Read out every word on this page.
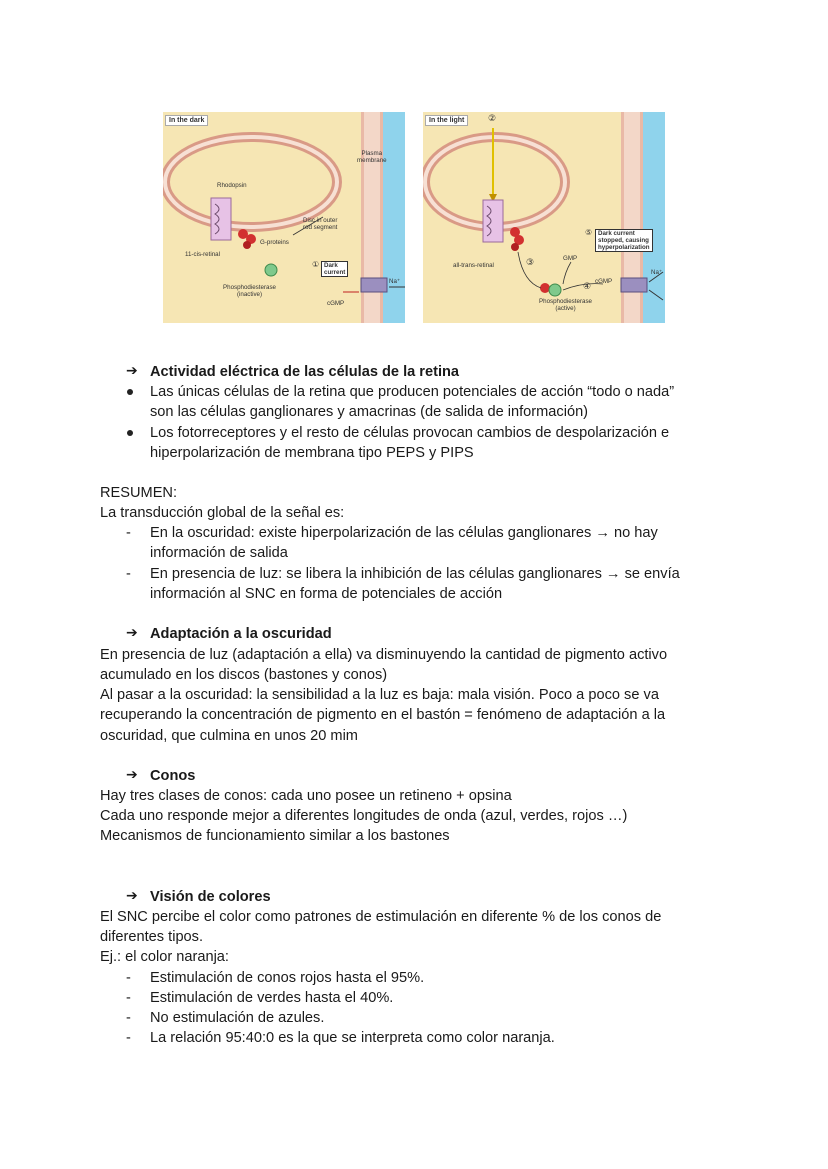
In the dark
Rhodopsin
Plasma
membrane
Disc in outer
rod segment
G-proteins
11-cis-retinal
① Dark
current
Na⁺
Phosphodiesterase
(inactive)
cGMP
In the light	②
all-trans-retinal	③	GMP
⑤ Dark current
stopped, causing
hyperpolarization
cGMP
④
Na⁺
Phosphodiesterase
(active)
➔ Actividad eléctrica de las células de la retina
Las únicas células de la retina que producen potenciales de acción “todo o nada”
son las células ganglionares y amacrinas (de salida de información)
Los fotorreceptores y el resto de células provocan cambios de despolarización e
hiperpolarización de membrana tipo PEPS y PIPS
RESUMEN:
La transducción global de la señal es:
- En la oscuridad: existe hiperpolarización de las células ganglionares → no hay
información de salida
- En presencia de luz: se libera la inhibición de las células ganglionares → se envía
información al SNC en forma de potenciales de acción
➔ Adaptación a la oscuridad
En presencia de luz (adaptación a ella) va disminuyendo la cantidad de pigmento activo
acumulado en los discos (bastones y conos)
Al pasar a la oscuridad: la sensibilidad a la luz es baja: mala visión. Poco a poco se va
recuperando la concentración de pigmento en el bastón = fenómeno de adaptación a la
oscuridad, que culmina en unos 20 mim
➔ Conos
Hay tres clases de conos: cada uno posee un retineno + opsina
Cada uno responde mejor a diferentes longitudes de onda (azul, verdes, rojos …)
Mecanismos de funcionamiento similar a los bastones
➔ Visión de colores
El SNC percibe el color como patrones de estimulación en diferente % de los conos de
diferentes tipos.
Ej.: el color naranja:
- Estimulación de conos rojos hasta el 95%.
- Estimulación de verdes hasta el 40%.
- No estimulación de azules.
- La relación 95:40:0 es la que se interpreta como color naranja.
